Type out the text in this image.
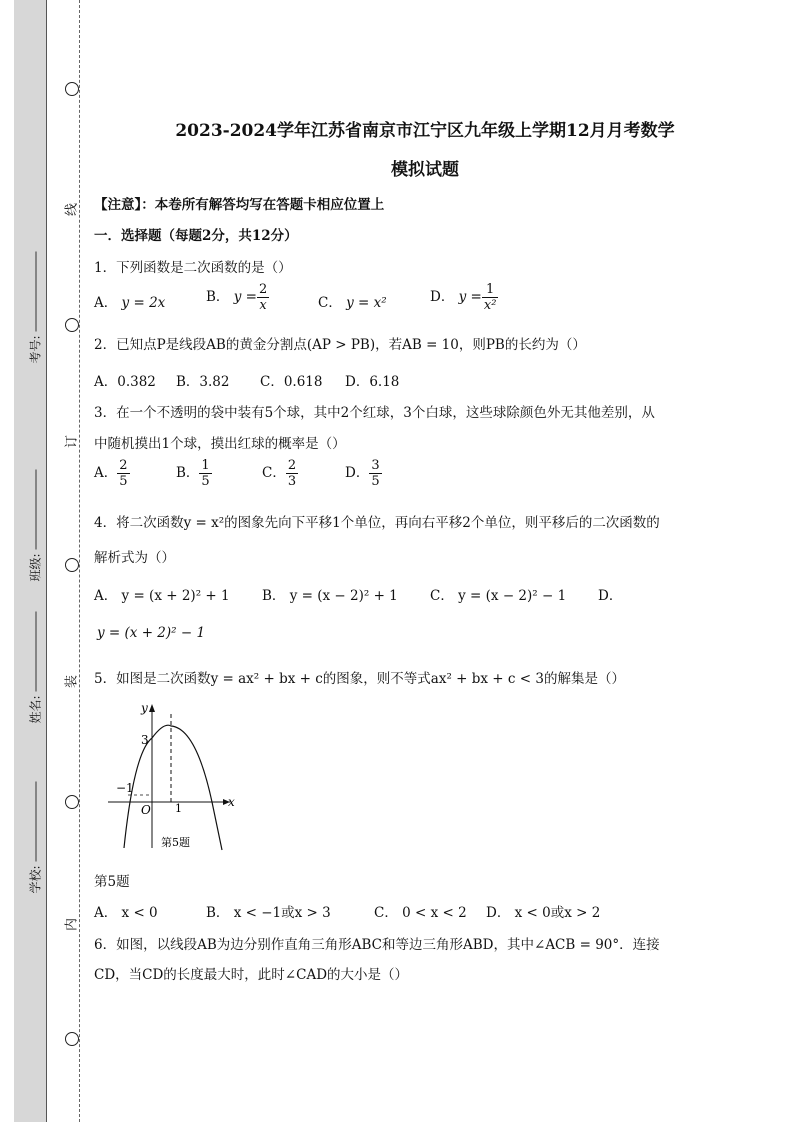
线
订
装
内
考号:
班级:
姓名:
学校:
2023-2024学年江苏省南京市江宁区九年级上学期12月月考数学
模拟试题
【注意】：本卷所有解答均写在答题卡相应位置上
一．选择题（每题2分，共12分）
1．下列函数是二次函数的是（）
A． y = 2x	B． $y = \frac{2}{x}$	C． y = x²	D． $y = \frac{1}{\text{x²}}$
2．已知点P是线段AB的黄金分割点(AP > PB)，若AB = 10，则PB的长约为（）
A．0.382 B．3.82 C．0.618 D．6.18
3．在一个不透明的袋中装有5个球，其中2个红球，3个白球，这些球除颜色外无其他差别，从
中随机摸出1个球，摸出红球的概率是（）
A． $\frac{2}{5}$	B． $\frac{1}{5}$	C． $\frac{2}{3}$	D． $\frac{3}{5}$
4．将二次函数y = x²的图象先向下平移1个单位，再向右平移2个单位，则平移后的二次函数的
解析式为（）
A． y = (x + 2)² + 1 B． y = (x − 2)² + 1 C． y = (x − 2)² − 1 D．
y = (x + 2)² − 1
5．如图是二次函数y = ax² + bx + c的图象，则不等式ax² + bx + c < 3的解集是（）
y
x
3
−1
O 1
第5题
第5题
A． x < 0	B． x < −1或x > 3	C． 0 < x < 2 D． x < 0或x > 2
6．如图，以线段AB为边分别作直角三角形ABC和等边三角形ABD，其中∠ACB = 90°．连接
CD，当CD的长度最大时，此时∠CAD的大小是（）
